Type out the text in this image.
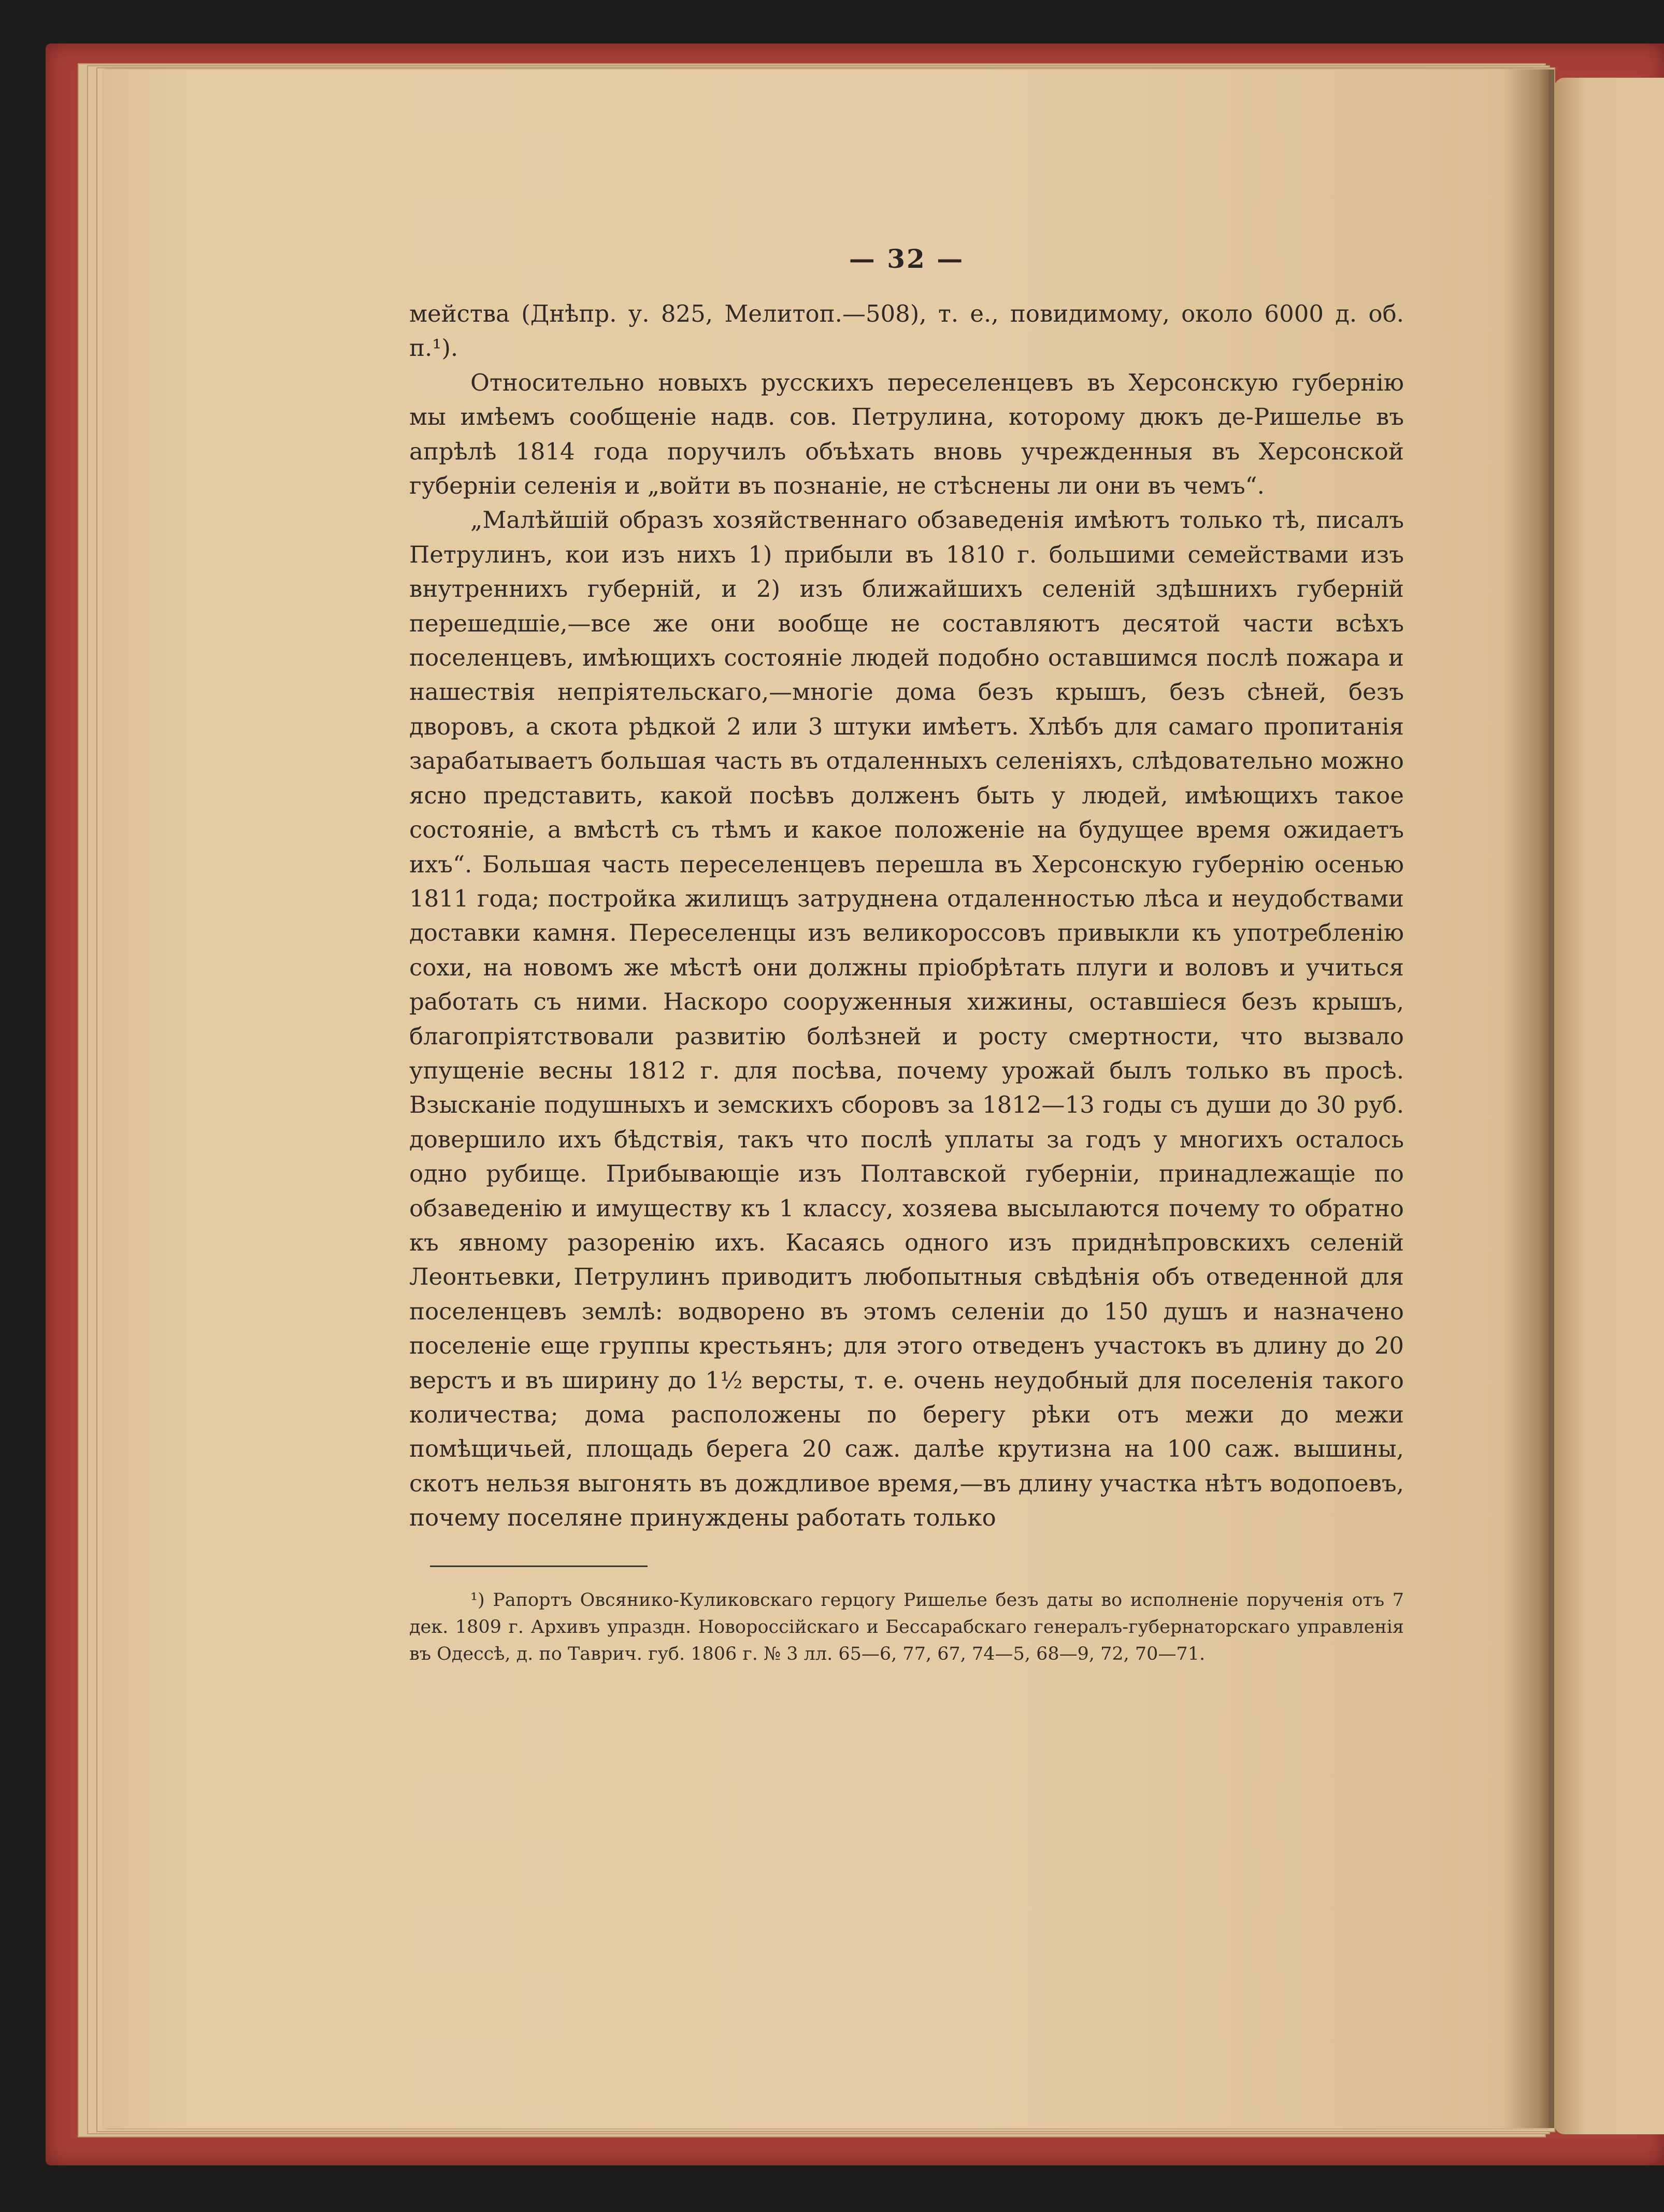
— 32 —

мейства (Днѣпр. у. 825, Мелитоп.—508), т. е., повидимому, около 6000 д. об. п.¹).

Относительно новыхъ русскихъ переселенцевъ въ Херсонскую губернію мы имѣемъ сообщеніе надв. сов. Петрулина, которому дюкъ де-Ришелье въ апрѣлѣ 1814 года поручилъ объѣхать вновь учрежденныя въ Херсонской губерніи селенія и „войти въ познаніе, не стѣснены ли они въ чемъ“.

„Малѣйшій образъ хозяйственнаго обзаведенія имѣютъ только тѣ, писалъ Петрулинъ, кои изъ нихъ 1) прибыли въ 1810 г. большими семействами изъ внутреннихъ губерній, и 2) изъ ближайшихъ селеній здѣшнихъ губерній перешедшіе,—все же они вообще не составляютъ десятой части всѣхъ поселенцевъ, имѣющихъ состояніе людей подобно оставшимся послѣ пожара и нашествія непріятельскаго,—многіе дома безъ крышъ, безъ сѣней, безъ дворовъ, а скота рѣдкой 2 или 3 штуки имѣетъ. Хлѣбъ для самаго пропитанія зарабатываетъ большая часть въ отдаленныхъ селеніяхъ, слѣдовательно можно ясно представить, какой посѣвъ долженъ быть у людей, имѣющихъ такое состояніе, а вмѣстѣ съ тѣмъ и какое положеніе на будущее время ожидаетъ ихъ“. Большая часть переселенцевъ перешла въ Херсонскую губернію осенью 1811 года; постройка жилищъ затруднена отдаленностью лѣса и неудобствами доставки камня. Переселенцы изъ великороссовъ привыкли къ употребленію сохи, на новомъ же мѣстѣ они должны пріобрѣтать плуги и воловъ и учиться работать съ ними. Наскоро сооруженныя хижины, оставшіеся безъ крышъ, благопріятствовали развитію болѣзней и росту смертности, что вызвало упущеніе весны 1812 г. для посѣва, почему урожай былъ только въ просѣ. Взысканіе подушныхъ и земскихъ сборовъ за 1812—13 годы съ души до 30 руб. довершило ихъ бѣдствія, такъ что послѣ уплаты за годъ у многихъ осталось одно рубище. Прибывающіе изъ Полтавской губерніи, принадлежащіе по обзаведенію и имуществу къ 1 классу, хозяева высылаются почему то обратно къ явному разоренію ихъ. Касаясь одного изъ приднѣпровскихъ селеній Леонтьевки, Петрулинъ приводитъ любопытныя свѣдѣнія объ отведенной для поселенцевъ землѣ: водворено въ этомъ селеніи до 150 душъ и назначено поселеніе еще группы крестьянъ; для этого отведенъ участокъ въ длину до 20 верстъ и въ ширину до 1½ версты, т. е. очень неудобный для поселенія такого количества; дома расположены по берегу рѣки отъ межи до межи помѣщичьей, площадь берега 20 саж. далѣе крутизна на 100 саж. вышины, скотъ нельзя выгонять въ дождливое время,—въ длину участка нѣтъ водопоевъ, почему поселяне принуждены работать только

¹) Рапортъ Овсянико-Куликовскаго герцогу Ришелье безъ даты во исполненіе порученія отъ 7 дек. 1809 г. Архивъ упраздн. Новороссійскаго и Бессарабскаго генералъ-губернаторскаго управленія въ Одессѣ, д. по Таврич. губ. 1806 г. № 3 лл. 65—6, 77, 67, 74—5, 68—9, 72, 70—71.
